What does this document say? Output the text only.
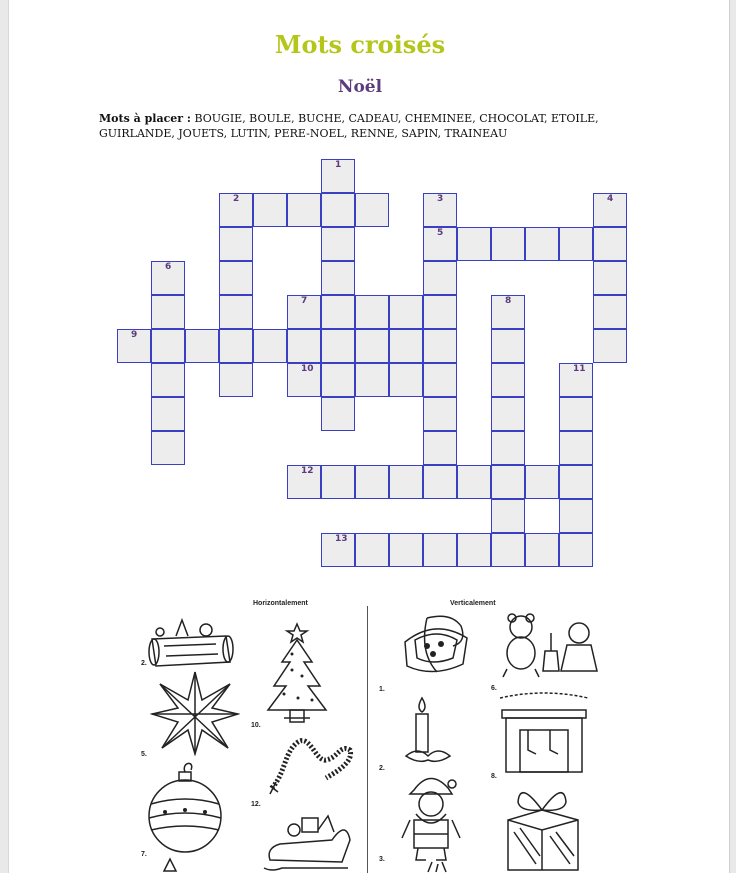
Mots croisés
Noël
Mots à placer : BOUGIE, BOULE, BUCHE, CADEAU, CHEMINEE, CHOCOLAT, ETOILE, GUIRLANDE, JOUETS, LUTIN, PERE-NOEL, RENNE, SAPIN, TRAINEAU
1
2	3	4
5
6
7	8
9
10	11
12
13
Horizontalement	Verticalement
2.
10.
5.
12.
7.
1.	6.
2.
8.
3.
